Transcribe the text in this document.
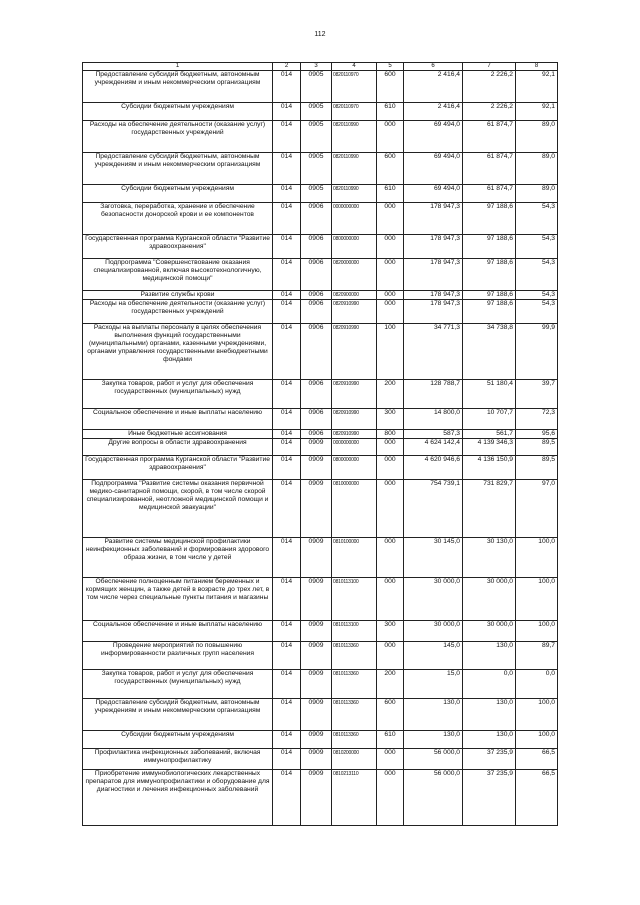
112
1	2	3	4	5	6	7	8
Предоставление субсидий бюджетным, автономным учреждениям и иным некоммерческим организациям	014	0905	0820110970	600	2 416,4	2 226,2	92,1
Субсидии бюджетным учреждениям	014	0905	0820110970	610	2 416,4	2 226,2	92,1
Расходы на обеспечение деятельности (оказание услуг) государственных учреждений	014	0905	0820110990	000	69 494,0	61 874,7	89,0
Предоставление субсидий бюджетным, автономным учреждениям и иным некоммерческим организациям	014	0905	0820110990	600	69 494,0	61 874,7	89,0
Субсидии бюджетным учреждениям	014	0905	0820110990	610	69 494,0	61 874,7	89,0
Заготовка, переработка, хранение и обеспечение безопасности донорской крови и ее компонентов	014	0906	0000000000	000	178 947,3	97 188,6	54,3
Государственная программа Курганской области "Развитие здравоохранения"	014	0906	0800000000	000	178 947,3	97 188,6	54,3
Подпрограмма "Совершенствование оказания специализированной, включая высокотехнологичную, медицинской помощи"	014	0906	0820000000	000	178 947,3	97 188,6	54,3
Развитие службы крови	014	0906	0820900000	000	178 947,3	97 188,6	54,3
Расходы на обеспечение деятельности (оказание услуг) государственных учреждений	014	0906	0820910990	000	178 947,3	97 188,6	54,3
Расходы на выплаты персоналу в целях обеспечения выполнения функций государственными (муниципальными) органами, казенными учреждениями, органами управления государственными внебюджетными фондами	014	0906	0820910990	100	34 771,3	34 738,8	99,9
Закупка товаров, работ и услуг для обеспечения государственных (муниципальных) нужд	014	0906	0820910990	200	128 788,7	51 180,4	39,7
Социальное обеспечение и иные выплаты населению	014	0906	0820910990	300	14 800,0	10 707,7	72,3
Иные бюджетные ассигнования	014	0906	0820910990	800	587,3	561,7	95,6
Другие вопросы в области здравоохранения	014	0909	0000000000	000	4 624 142,4	4 139 346,3	89,5
Государственная программа Курганской области "Развитие здравоохранения"	014	0909	0800000000	000	4 620 946,6	4 136 150,9	89,5
Подпрограмма "Развитие системы оказания первичной медико-санитарной помощи, скорой, в том числе скорой специализированной, неотложной медицинской помощи и медицинской эвакуации"	014	0909	0810000000	000	754 739,1	731 829,7	97,0
Развитие системы медицинской профилактики неинфекционных заболеваний и формирования здорового образа жизни, в том числе у детей	014	0909	0810100000	000	30 145,0	30 130,0	100,0
Обеспечение полноценным питанием беременных и кормящих женщин, а также детей в возрасте до трех лет, в том числе через специальные пункты питания и магазины	014	0909	0810113100	000	30 000,0	30 000,0	100,0
Социальное обеспечение и иные выплаты населению	014	0909	0810113100	300	30 000,0	30 000,0	100,0
Проведение мероприятий по повышению информированности различных групп населения	014	0909	0810113360	000	145,0	130,0	89,7
Закупка товаров, работ и услуг для обеспечения государственных (муниципальных) нужд	014	0909	0810113360	200	15,0	0,0	0,0
Предоставление субсидий бюджетным, автономным учреждениям и иным некоммерческим организациям	014	0909	0810113360	600	130,0	130,0	100,0
Субсидии бюджетным учреждениям	014	0909	0810113360	610	130,0	130,0	100,0
Профилактика инфекционных заболеваний, включая иммунопрофилактику	014	0909	0810200000	000	56 000,0	37 235,9	66,5
Приобретение иммунобиологических лекарственных препаратов для иммунопрофилактики и оборудование для диагностики и лечения инфекционных заболеваний	014	0909	0810213110	000	56 000,0	37 235,9	66,5
